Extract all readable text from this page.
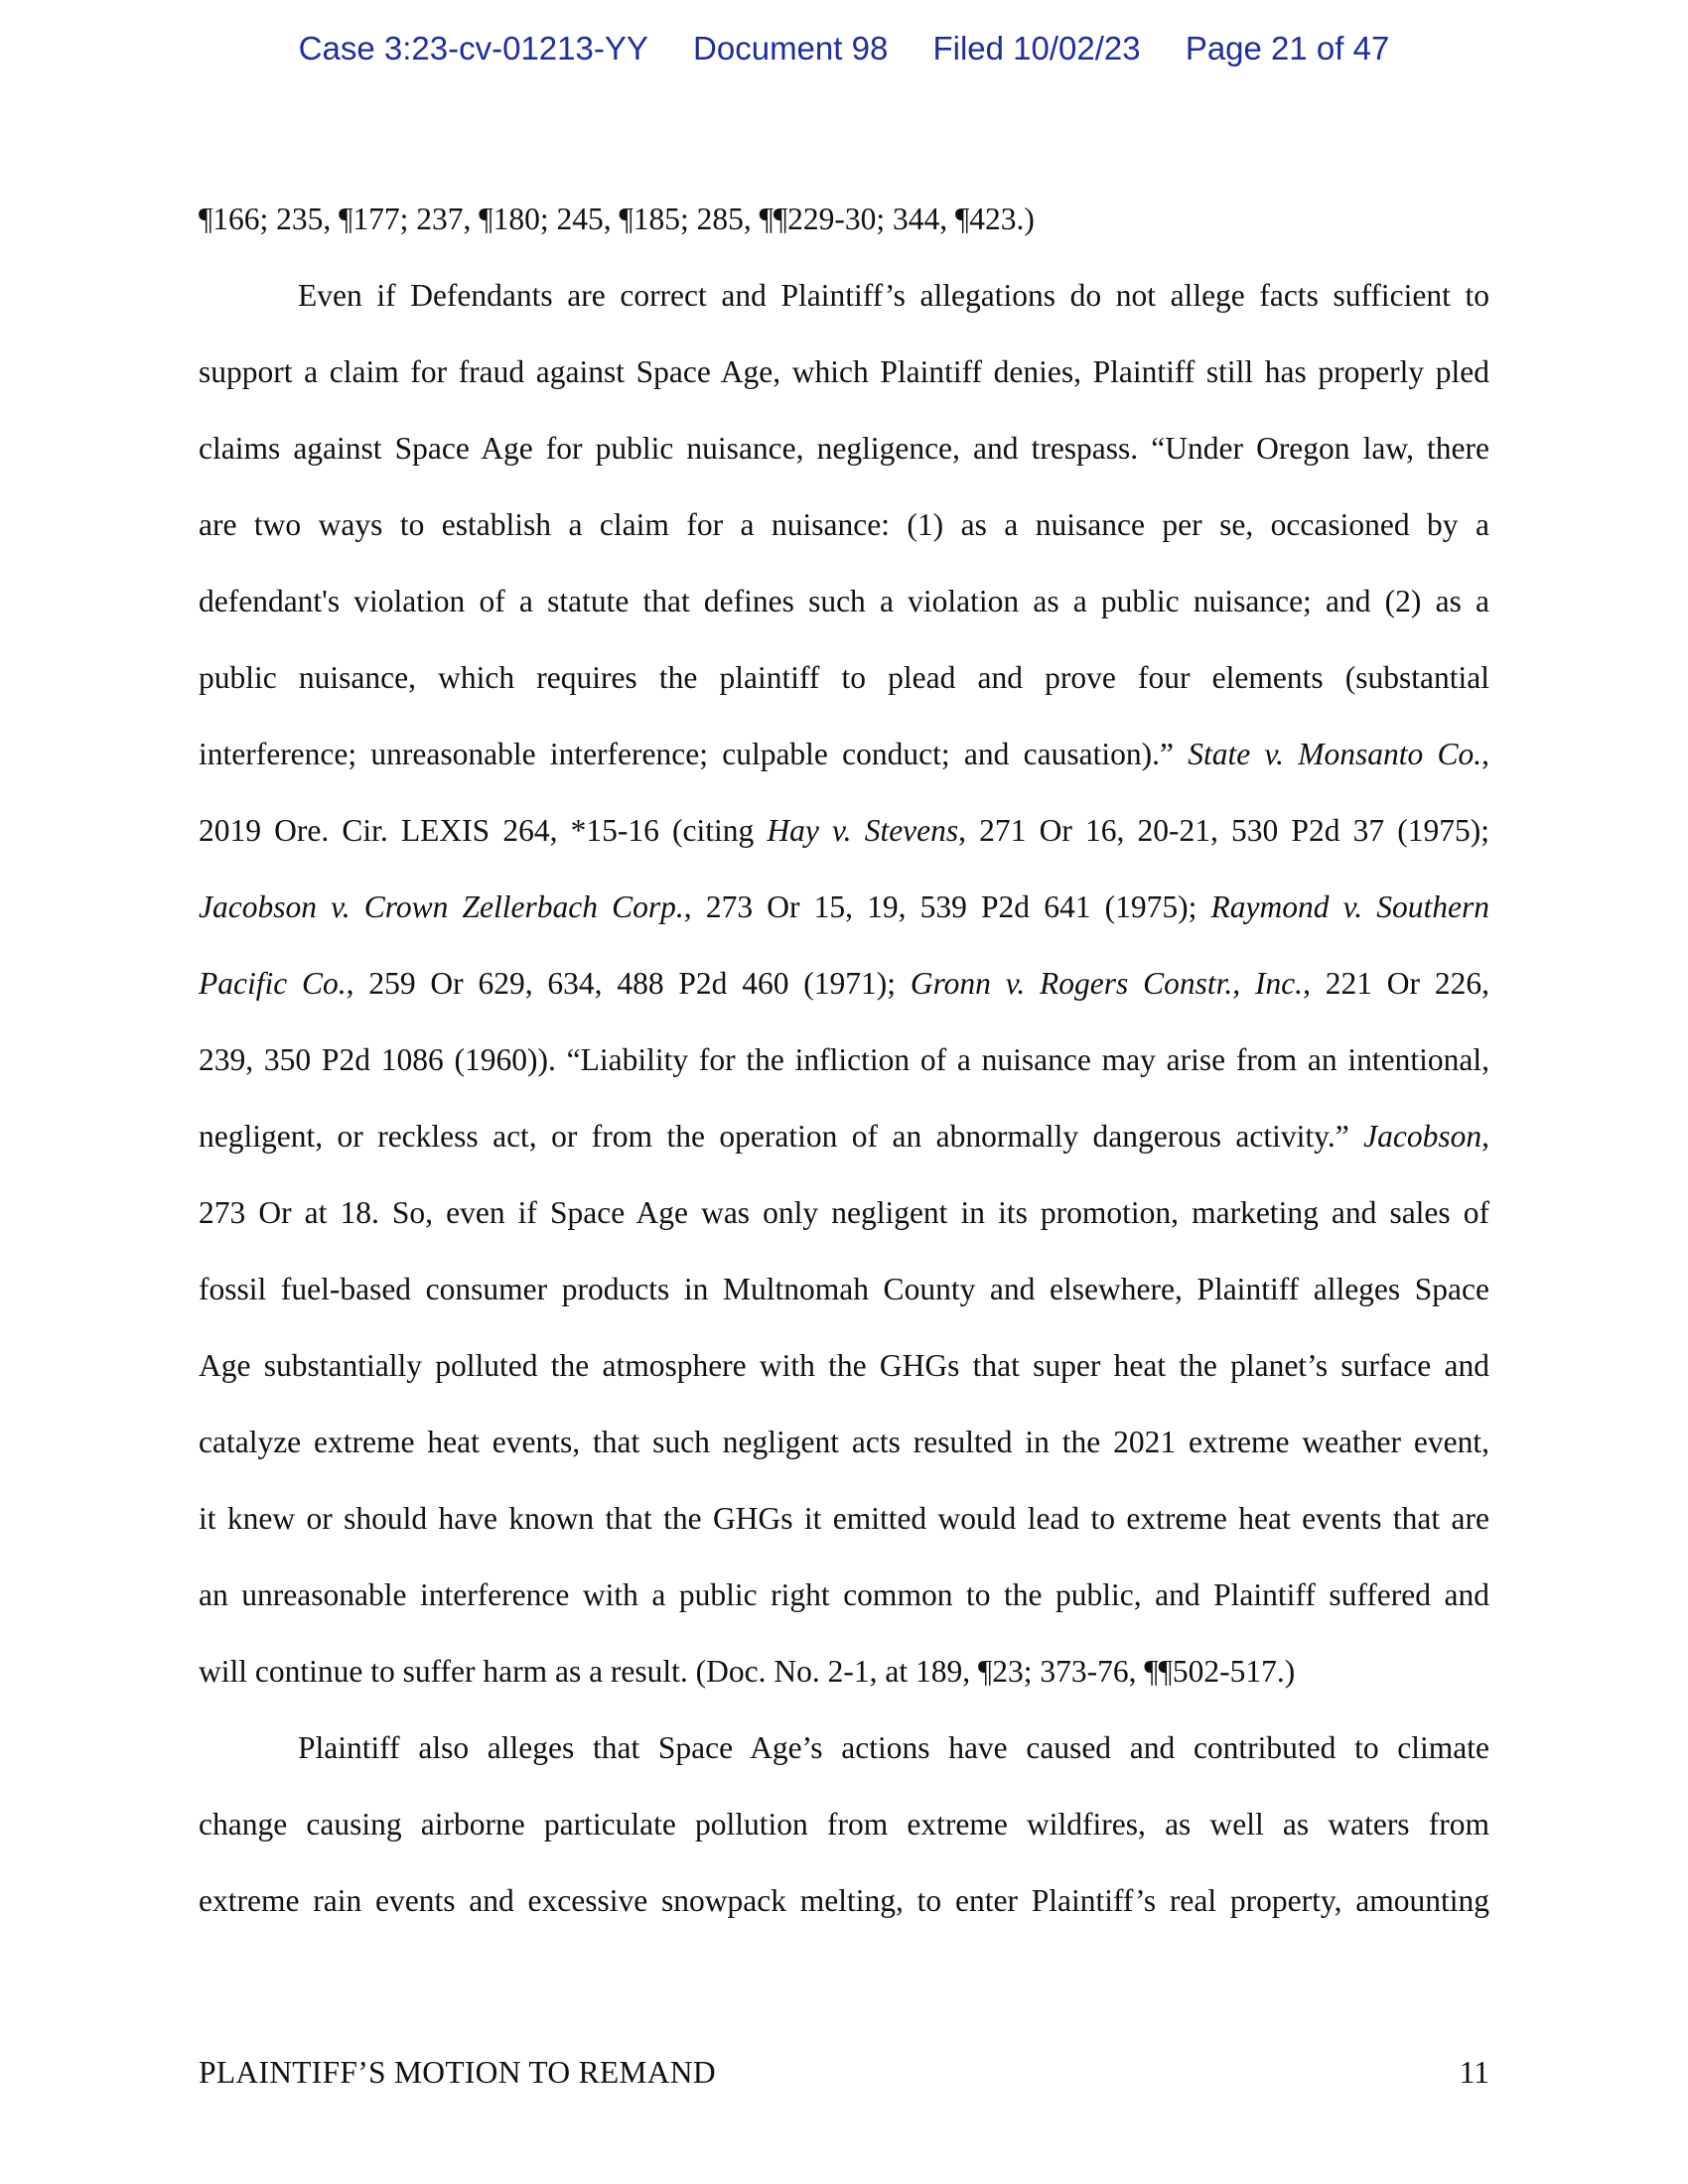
Case 3:23-cv-01213-YY Document 98 Filed 10/02/23 Page 21 of 47
¶166; 235, ¶177; 237, ¶180; 245, ¶185; 285, ¶¶229-30; 344, ¶423.)
Even if Defendants are correct and Plaintiff’s allegations do not allege facts sufficient to
support a claim for fraud against Space Age, which Plaintiff denies, Plaintiff still has properly pled
claims against Space Age for public nuisance, negligence, and trespass. “Under Oregon law, there
are two ways to establish a claim for a nuisance: (1) as a nuisance per se, occasioned by a
defendant's violation of a statute that defines such a violation as a public nuisance; and (2) as a
public nuisance, which requires the plaintiff to plead and prove four elements (substantial
interference; unreasonable interference; culpable conduct; and causation).” State v. Monsanto Co.,
2019 Ore. Cir. LEXIS 264, *15-16 (citing Hay v. Stevens, 271 Or 16, 20-21, 530 P2d 37 (1975);
Jacobson v. Crown Zellerbach Corp., 273 Or 15, 19, 539 P2d 641 (1975); Raymond v. Southern
Pacific Co., 259 Or 629, 634, 488 P2d 460 (1971); Gronn v. Rogers Constr., Inc., 221 Or 226,
239, 350 P2d 1086 (1960)). “Liability for the infliction of a nuisance may arise from an intentional,
negligent, or reckless act, or from the operation of an abnormally dangerous activity.” Jacobson,
273 Or at 18. So, even if Space Age was only negligent in its promotion, marketing and sales of
fossil fuel-based consumer products in Multnomah County and elsewhere, Plaintiff alleges Space
Age substantially polluted the atmosphere with the GHGs that super heat the planet’s surface and
catalyze extreme heat events, that such negligent acts resulted in the 2021 extreme weather event,
it knew or should have known that the GHGs it emitted would lead to extreme heat events that are
an unreasonable interference with a public right common to the public, and Plaintiff suffered and
will continue to suffer harm as a result. (Doc. No. 2-1, at 189, ¶23; 373-76, ¶¶502-517.)
Plaintiff also alleges that Space Age’s actions have caused and contributed to climate
change causing airborne particulate pollution from extreme wildfires, as well as waters from
extreme rain events and excessive snowpack melting, to enter Plaintiff’s real property, amounting
PLAINTIFF’S MOTION TO REMAND	11
